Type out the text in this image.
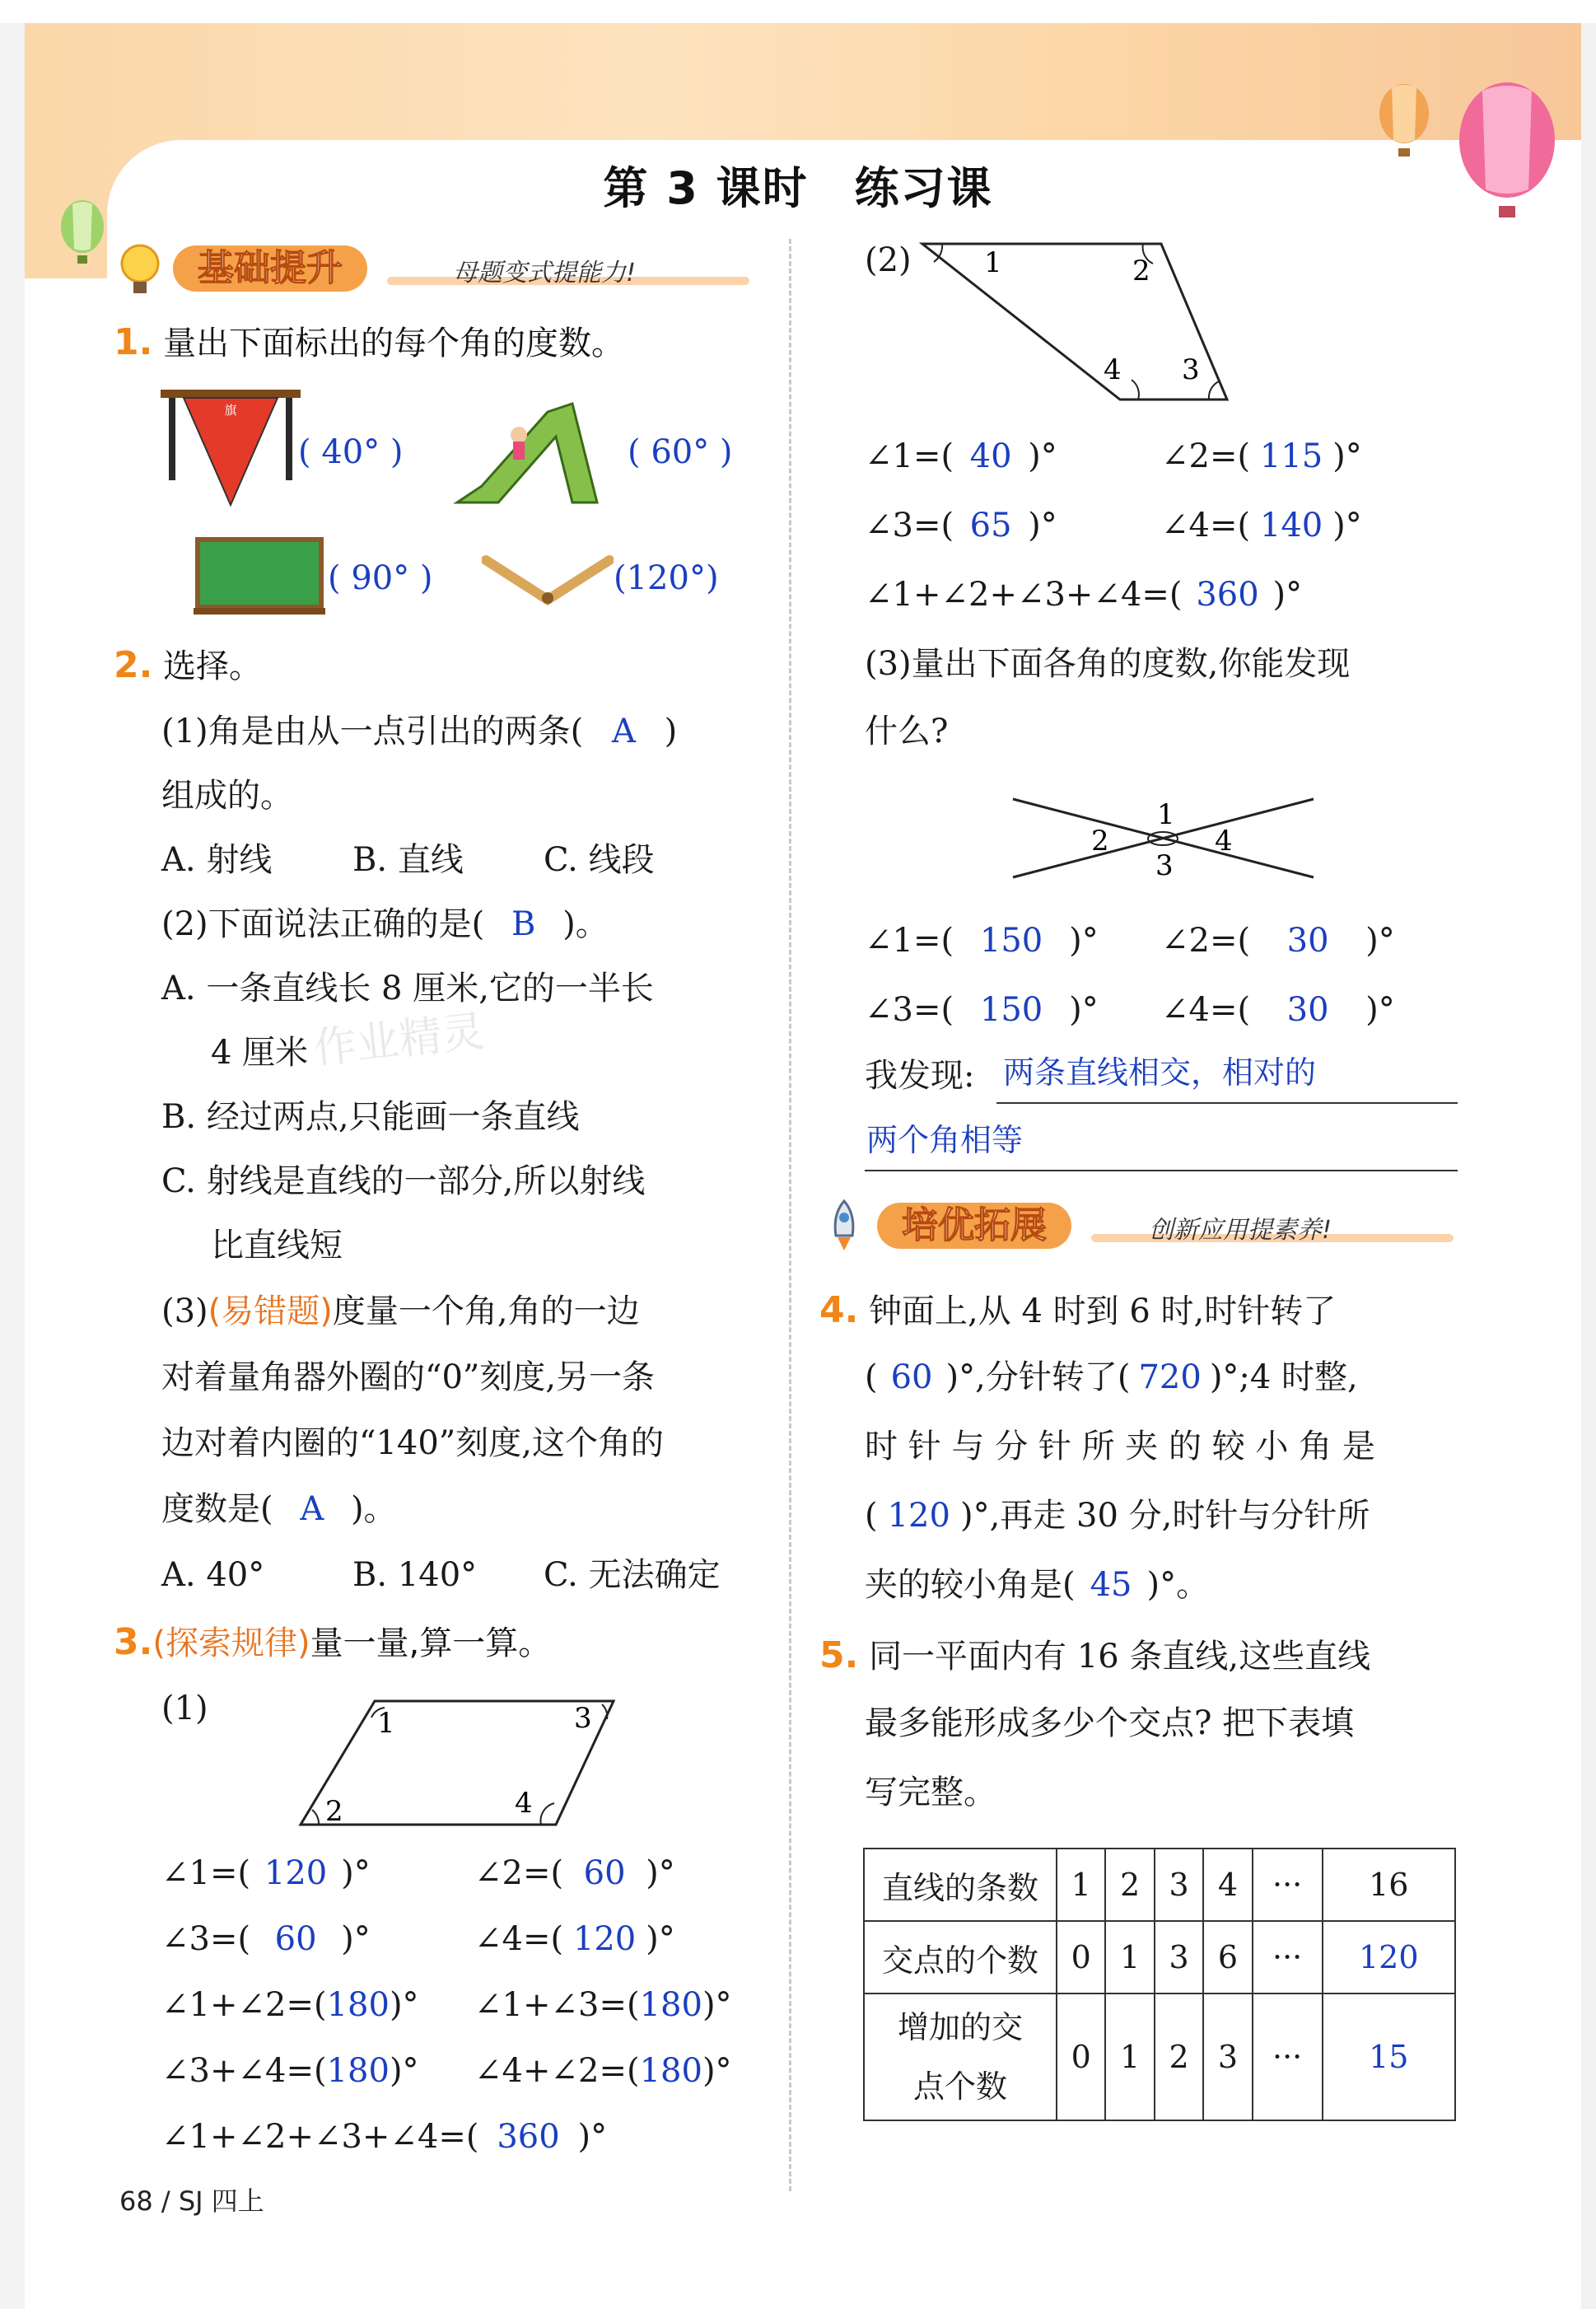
第 3 课时　练习课
基础提升	母题变式提能力!
1. 量出下面标出的每个角的度数。
旗
( 40° )	( 60° )
( 90° )	(120°)
2. 选择。
(1)角是由从一点引出的两条( A )
组成的。
A. 射线 B. 直线 C. 线段
(2)下面说法正确的是( B )。
A. 一条直线长 8 厘米,它的一半长
4 厘米
B. 经过两点,只能画一条直线
C. 射线是直线的一部分,所以射线
比直线短
(3)(易错题)度量一个角,角的一边
对着量角器外圈的“0”刻度,另一条
边对着内圈的“140”刻度,这个角的
度数是( A )。
A. 40°	B. 140° C. 无法确定
3.(探索规律)量一量,算一算。
(1)	1
2
3
4
∠1=( 120 )°	∠2=( 60 )°
∠3=( 60 )°	∠4=( 120 )°
∠1+∠2=(180)° ∠1+∠3=(180)°
∠3+∠4=(180)° ∠4+∠2=(180)°
∠1+∠2+∠3+∠4=( 360 )°
68 / SJ 四上
(2)	1	2
3
4
∠1=( 40 )°	∠2=( 115 )°
∠3=( 65 )°	∠4=( 140 )°
∠1+∠2+∠3+∠4=( 360 )°
(3)量出下面各角的度数,你能发现
什么?
1
2
3
4
∠1=( 150 )° ∠2=( 30 )°
∠3=( 150 )° ∠4=( 30 )°
我发现: 两条直线相交，相对的
两个角相等
培优拓展	创新应用提素养!
4. 钟面上,从 4 时到 6 时,时针转了
( 60 )°,分针转了( 720 )°;4 时整,
时 针 与 分 针 所 夹 的 较 小 角 是
( 120 )°,再走 30 分,时针与分针所
夹的较小角是( 45 )°。
5. 同一平面内有 16 条直线,这些直线
最多能形成多少个交点? 把下表填
写完整。
直线的条数	1	2	3	4	···	16
交点的个数	0	1	3	6	···	120

增加的交
点个数	0	1	2	3	···	15
作业精灵
